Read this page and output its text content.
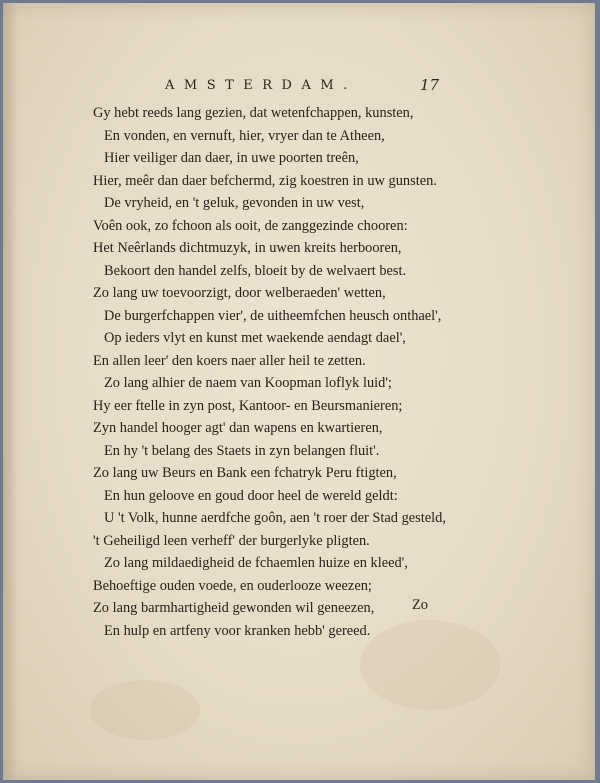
AMSTERDAM.	17
Gy hebt reeds lang gezien, dat wetenfchappen, kunsten,
En vonden, en vernuft, hier, vryer dan te Atheen,
Hier veiliger dan daer, in uwe poorten treên,
Hier, meêr dan daer befchermd, zig koestren in uw gunsten.
De vryheid, en 't geluk, gevonden in uw vest,
Voên ook, zo fchoon als ooit, de zanggezinde chooren:
Het Neêrlands dichtmuzyk, in uwen kreits herbooren,
Bekoort den handel zelfs, bloeit by de welvaert best.
Zo lang uw toevoorzigt, door welberaeden' wetten,
De burgerfchappen vier', de uitheemfchen heusch onthael',
Op ieders vlyt en kunst met waekende aendagt dael',
En allen leer' den koers naer aller heil te zetten.
Zo lang alhier de naem van Koopman loflyk luid';
Hy eer ftelle in zyn post, Kantoor- en Beursmanieren;
Zyn handel hooger agt' dan wapens en kwartieren,
En hy 't belang des Staets in zyn belangen fluit'.
Zo lang uw Beurs en Bank een fchatryk Peru ftigten,
En hun geloove en goud door heel de wereld geldt:
U 't Volk, hunne aerdfche goôn, aen 't roer der Stad gesteld,
't Geheiligd leen verheff' der burgerlyke pligten.
Zo lang mildaedigheid de fchaemlen huize en kleed',
Behoeftige ouden voede, en ouderlooze weezen;
Zo lang barmhartigheid gewonden wil geneezen,
En hulp en artfeny voor kranken hebb' gereed.
Zo
